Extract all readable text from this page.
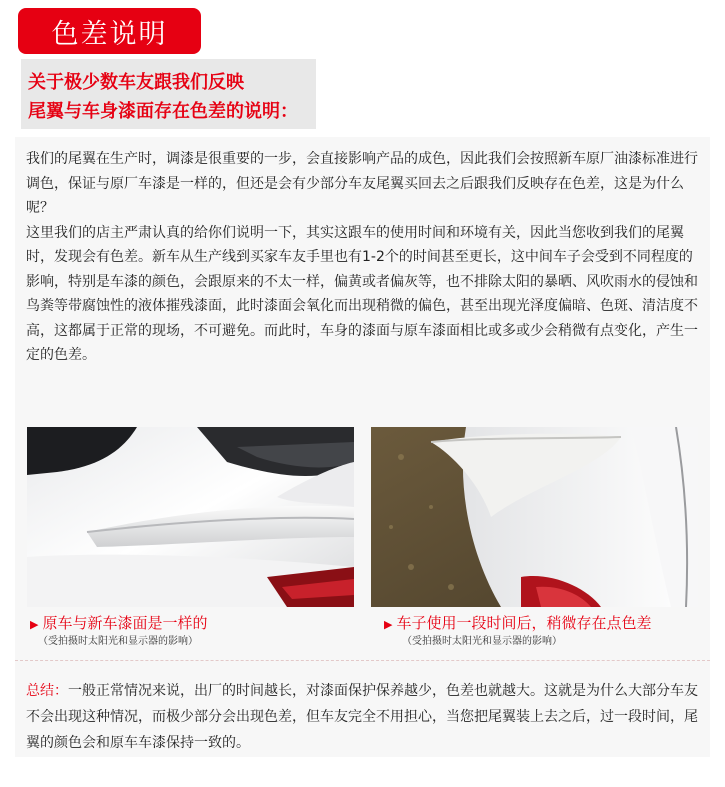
色差说明
关于极少数车友跟我们反映
尾翼与车身漆面存在色差的说明：

我们的尾翼在生产时，调漆是很重要的一步，会直接影响产品的成色，因此我们会按照新车原厂油漆标准进行调色，保证与原厂车漆是一样的，但还是会有少部分车友尾翼买回去之后跟我们反映存在色差，这是为什么呢？

这里我们的店主严肃认真的给你们说明一下，其实这跟车的使用时间和环境有关，因此当您收到我们的尾翼时，发现会有色差。新车从生产线到买家车友手里也有1-2个的时间甚至更长，这中间车子会受到不同程度的影响，特别是车漆的颜色，会跟原来的不太一样，偏黄或者偏灰等，也不排除太阳的暴晒、风吹雨水的侵蚀和鸟粪等带腐蚀性的液体摧残漆面，此时漆面会氧化而出现稍微的偏色，甚至出现光泽度偏暗、色斑、清洁度不高，这都属于正常的现场，不可避免。而此时，车身的漆面与原车漆面相比或多或少会稍微有点变化，产生一定的色差。

▶ 原车与新车漆面是一样的
（受拍摄时太阳光和显示器的影响）
▶ 车子使用一段时间后，稍微存在点色差
（受拍摄时太阳光和显示器的影响）
总结：一般正常情况来说，出厂的时间越长，对漆面保护保养越少，色差也就越大。这就是为什么大部分车友不会出现这种情况，而极少部分会出现色差，但车友完全不用担心，当您把尾翼装上去之后，过一段时间，尾翼的颜色会和原车车漆保持一致的。
